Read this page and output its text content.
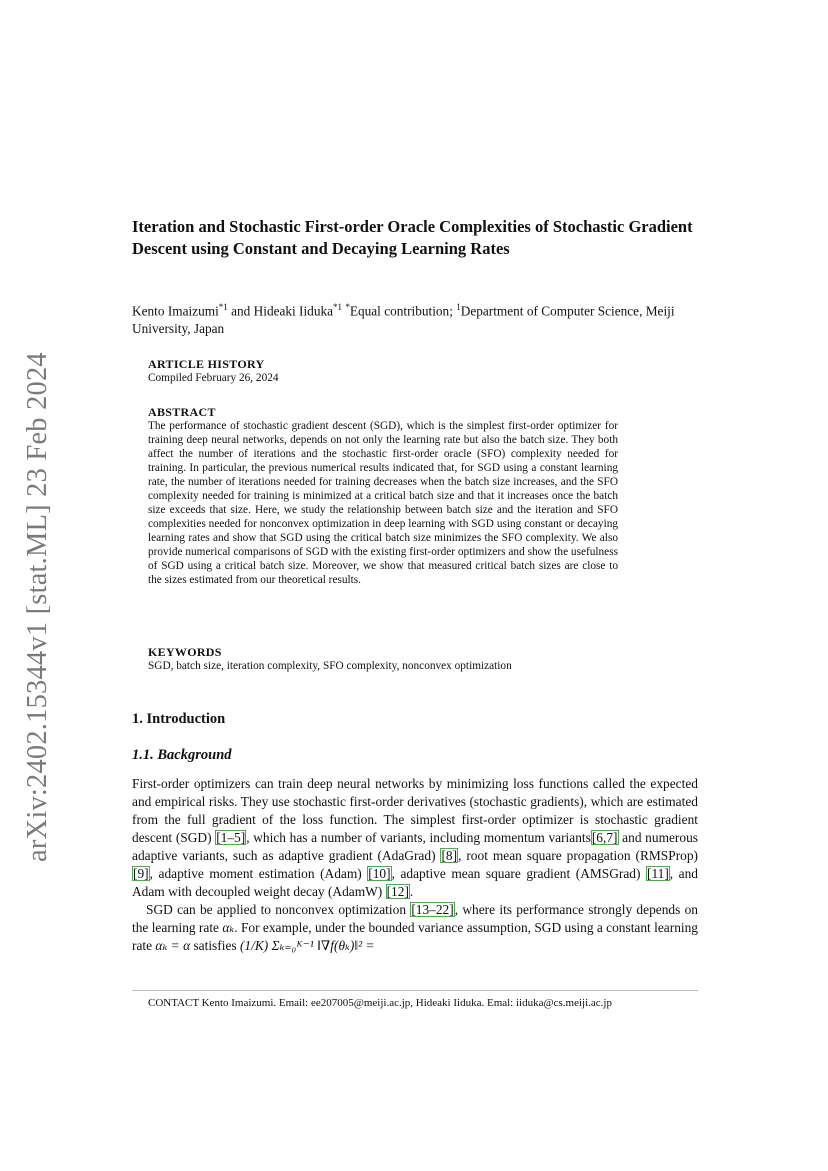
arXiv:2402.15344v1 [stat.ML] 23 Feb 2024
Iteration and Stochastic First-order Oracle Complexities of Stochastic Gradient Descent using Constant and Decaying Learning Rates
Kento Imaizumi$^{*1}$ and Hideaki Iiduka$^{*1}$ *Equal contribution; $^1$Department of Computer Science, Meiji University, Japan
ARTICLE HISTORY

Compiled February 26, 2024

ABSTRACT

The performance of stochastic gradient descent (SGD), which is the simplest first-order optimizer for training deep neural networks, depends on not only the learning rate but also the batch size. They both affect the number of iterations and the stochastic first-order oracle (SFO) complexity needed for training. In particular, the previous numerical results indicated that, for SGD using a constant learning rate, the number of iterations needed for training decreases when the batch size increases, and the SFO complexity needed for training is minimized at a critical batch size and that it increases once the batch size exceeds that size. Here, we study the relationship between batch size and the iteration and SFO complexities needed for nonconvex optimization in deep learning with SGD using constant or decaying learning rates and show that SGD using the critical batch size minimizes the SFO complexity. We also provide numerical comparisons of SGD with the existing first-order optimizers and show the usefulness of SGD using a critical batch size. Moreover, we show that measured critical batch sizes are close to the sizes estimated from our theoretical results.

KEYWORDS

SGD, batch size, iteration complexity, SFO complexity, nonconvex optimization

1. Introduction
1.1. Background

First-order optimizers can train deep neural networks by minimizing loss functions called the expected and empirical risks. They use stochastic first-order derivatives (stochastic gradients), which are estimated from the full gradient of the loss function. The simplest first-order optimizer is stochastic gradient descent (SGD) [1–5], which has a number of variants, including momentum variants[6,7] and numerous adaptive variants, such as adaptive gradient (AdaGrad) [8], root mean square propagation (RMSProp) [9], adaptive moment estimation (Adam) [10], adaptive mean square gradient (AMSGrad) [11], and Adam with decoupled weight decay (AdamW) [12].

SGD can be applied to nonconvex optimization [13–22], where its performance strongly depends on the learning rate αₖ. For example, under the bounded variance assumption, SGD using a constant learning rate αₖ = α satisfies (1/K) Σₖ₌₀ᴷ⁻¹ ‖∇f(θₖ)‖² =

CONTACT Kento Imaizumi. Email: ee207005@meiji.ac.jp, Hideaki Iiduka. Emal: iiduka@cs.meiji.ac.jp
